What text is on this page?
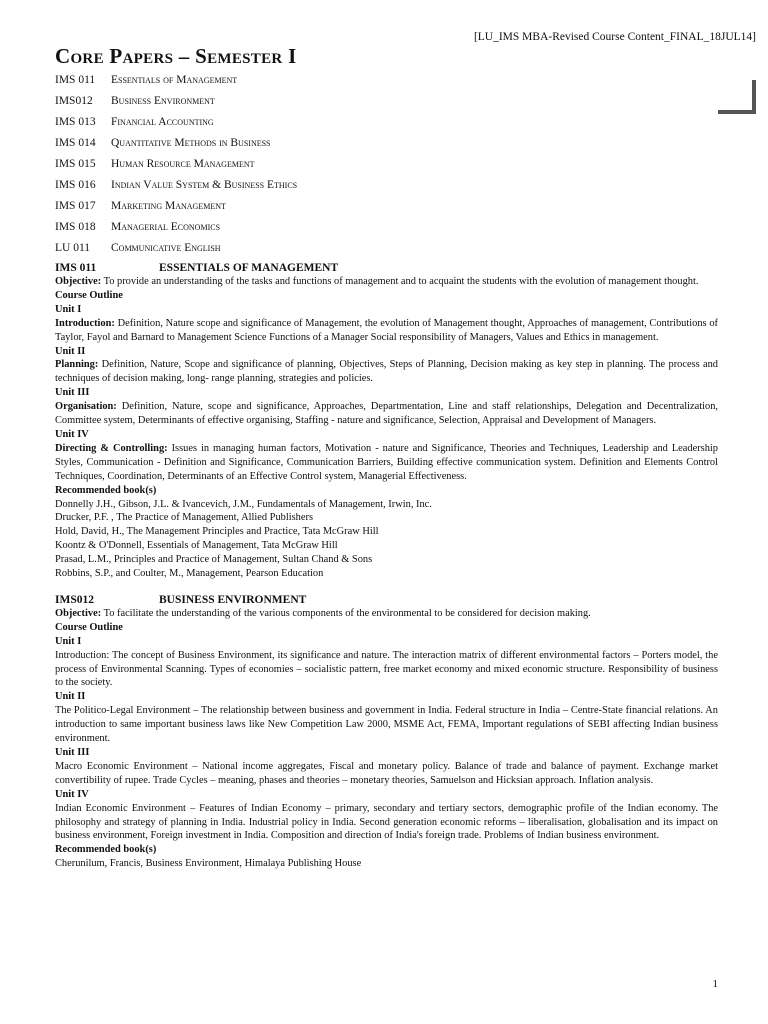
[LU_IMS MBA-Revised Course Content_FINAL_18JUL14]
Core Papers – Semester I
IMS 011	Essentials of Management
IMS012	Business Environment
IMS 013	Financial Accounting
IMS 014	Quantitative Methods in Business
IMS 015	Human Resource Management
IMS 016	Indian Value System & Business Ethics
IMS 017	Marketing Management
IMS 018	Managerial Economics
LU 011	Communicative English
IMS 011	ESSENTIALS OF MANAGEMENT

Objective: To provide an understanding of the tasks and functions of management and to acquaint the students with the evolution of management thought.

Course Outline
Unit I

Introduction: Definition, Nature scope and significance of Management, the evolution of Management thought, Approaches of management, Contributions of Taylor, Fayol and Barnard to Management Science Functions of a Manager Social responsibility of Managers, Values and Ethics in management.

Unit II

Planning: Definition, Nature, Scope and significance of planning, Objectives, Steps of Planning, Decision making as key step in planning. The process and techniques of decision making, long- range planning, strategies and policies.

Unit III

Organisation: Definition, Nature, scope and significance, Approaches, Departmentation, Line and staff relationships, Delegation and Decentralization, Committee system, Determinants of effective organising, Staffing - nature and significance, Selection, Appraisal and Development of Managers.

Unit IV

Directing & Controlling: Issues in managing human factors, Motivation - nature and Significance, Theories and Techniques, Leadership and Leadership Styles, Communication - Definition and Significance, Communication Barriers, Building effective communication system. Definition and Elements Control Techniques, Coordination, Determinants of an Effective Control system, Managerial Effectiveness.

Recommended book(s)
Donnelly J.H., Gibson, J.L. & Ivancevich, J.M., Fundamentals of Management, Irwin, Inc.
Drucker, P.F. , The Practice of Management, Allied Publishers
Hold, David, H., The Management Principles and Practice, Tata McGraw Hill
Koontz & O'Donnell, Essentials of Management, Tata McGraw Hill
Prasad, L.M., Principles and Practice of Management, Sultan Chand & Sons
Robbins, S.P., and Coulter, M., Management, Pearson Education
IMS012	BUSINESS ENVIRONMENT

Objective: To facilitate the understanding of the various components of the environmental to be considered for decision making.

Course Outline
Unit I

Introduction: The concept of Business Environment, its significance and nature. The interaction matrix of different environmental factors – Porters model, the process of Environmental Scanning. Types of economies – socialistic pattern, free market economy and mixed economic structure. Responsibility of business to the society.

Unit II

The Politico-Legal Environment – The relationship between business and government in India. Federal structure in India – Centre-State financial relations. An introduction to same important business laws like New Competition Law 2000, MSME Act, FEMA, Important regulations of SEBI affecting Indian business environment.

Unit III

Macro Economic Environment – National income aggregates, Fiscal and monetary policy. Balance of trade and balance of payment. Exchange market convertibility of rupee. Trade Cycles – meaning, phases and theories – monetary theories, Samuelson and Hicksian approach. Inflation analysis.

Unit IV

Indian Economic Environment – Features of Indian Economy – primary, secondary and tertiary sectors, demographic profile of the Indian economy. The philosophy and strategy of planning in India. Industrial policy in India. Second generation economic reforms – liberalisation, globalisation and its impact on business environment, Foreign investment in India. Composition and direction of India's foreign trade. Problems of Indian business environment.

Recommended book(s)
Cherunilum, Francis, Business Environment, Himalaya Publishing House
1
